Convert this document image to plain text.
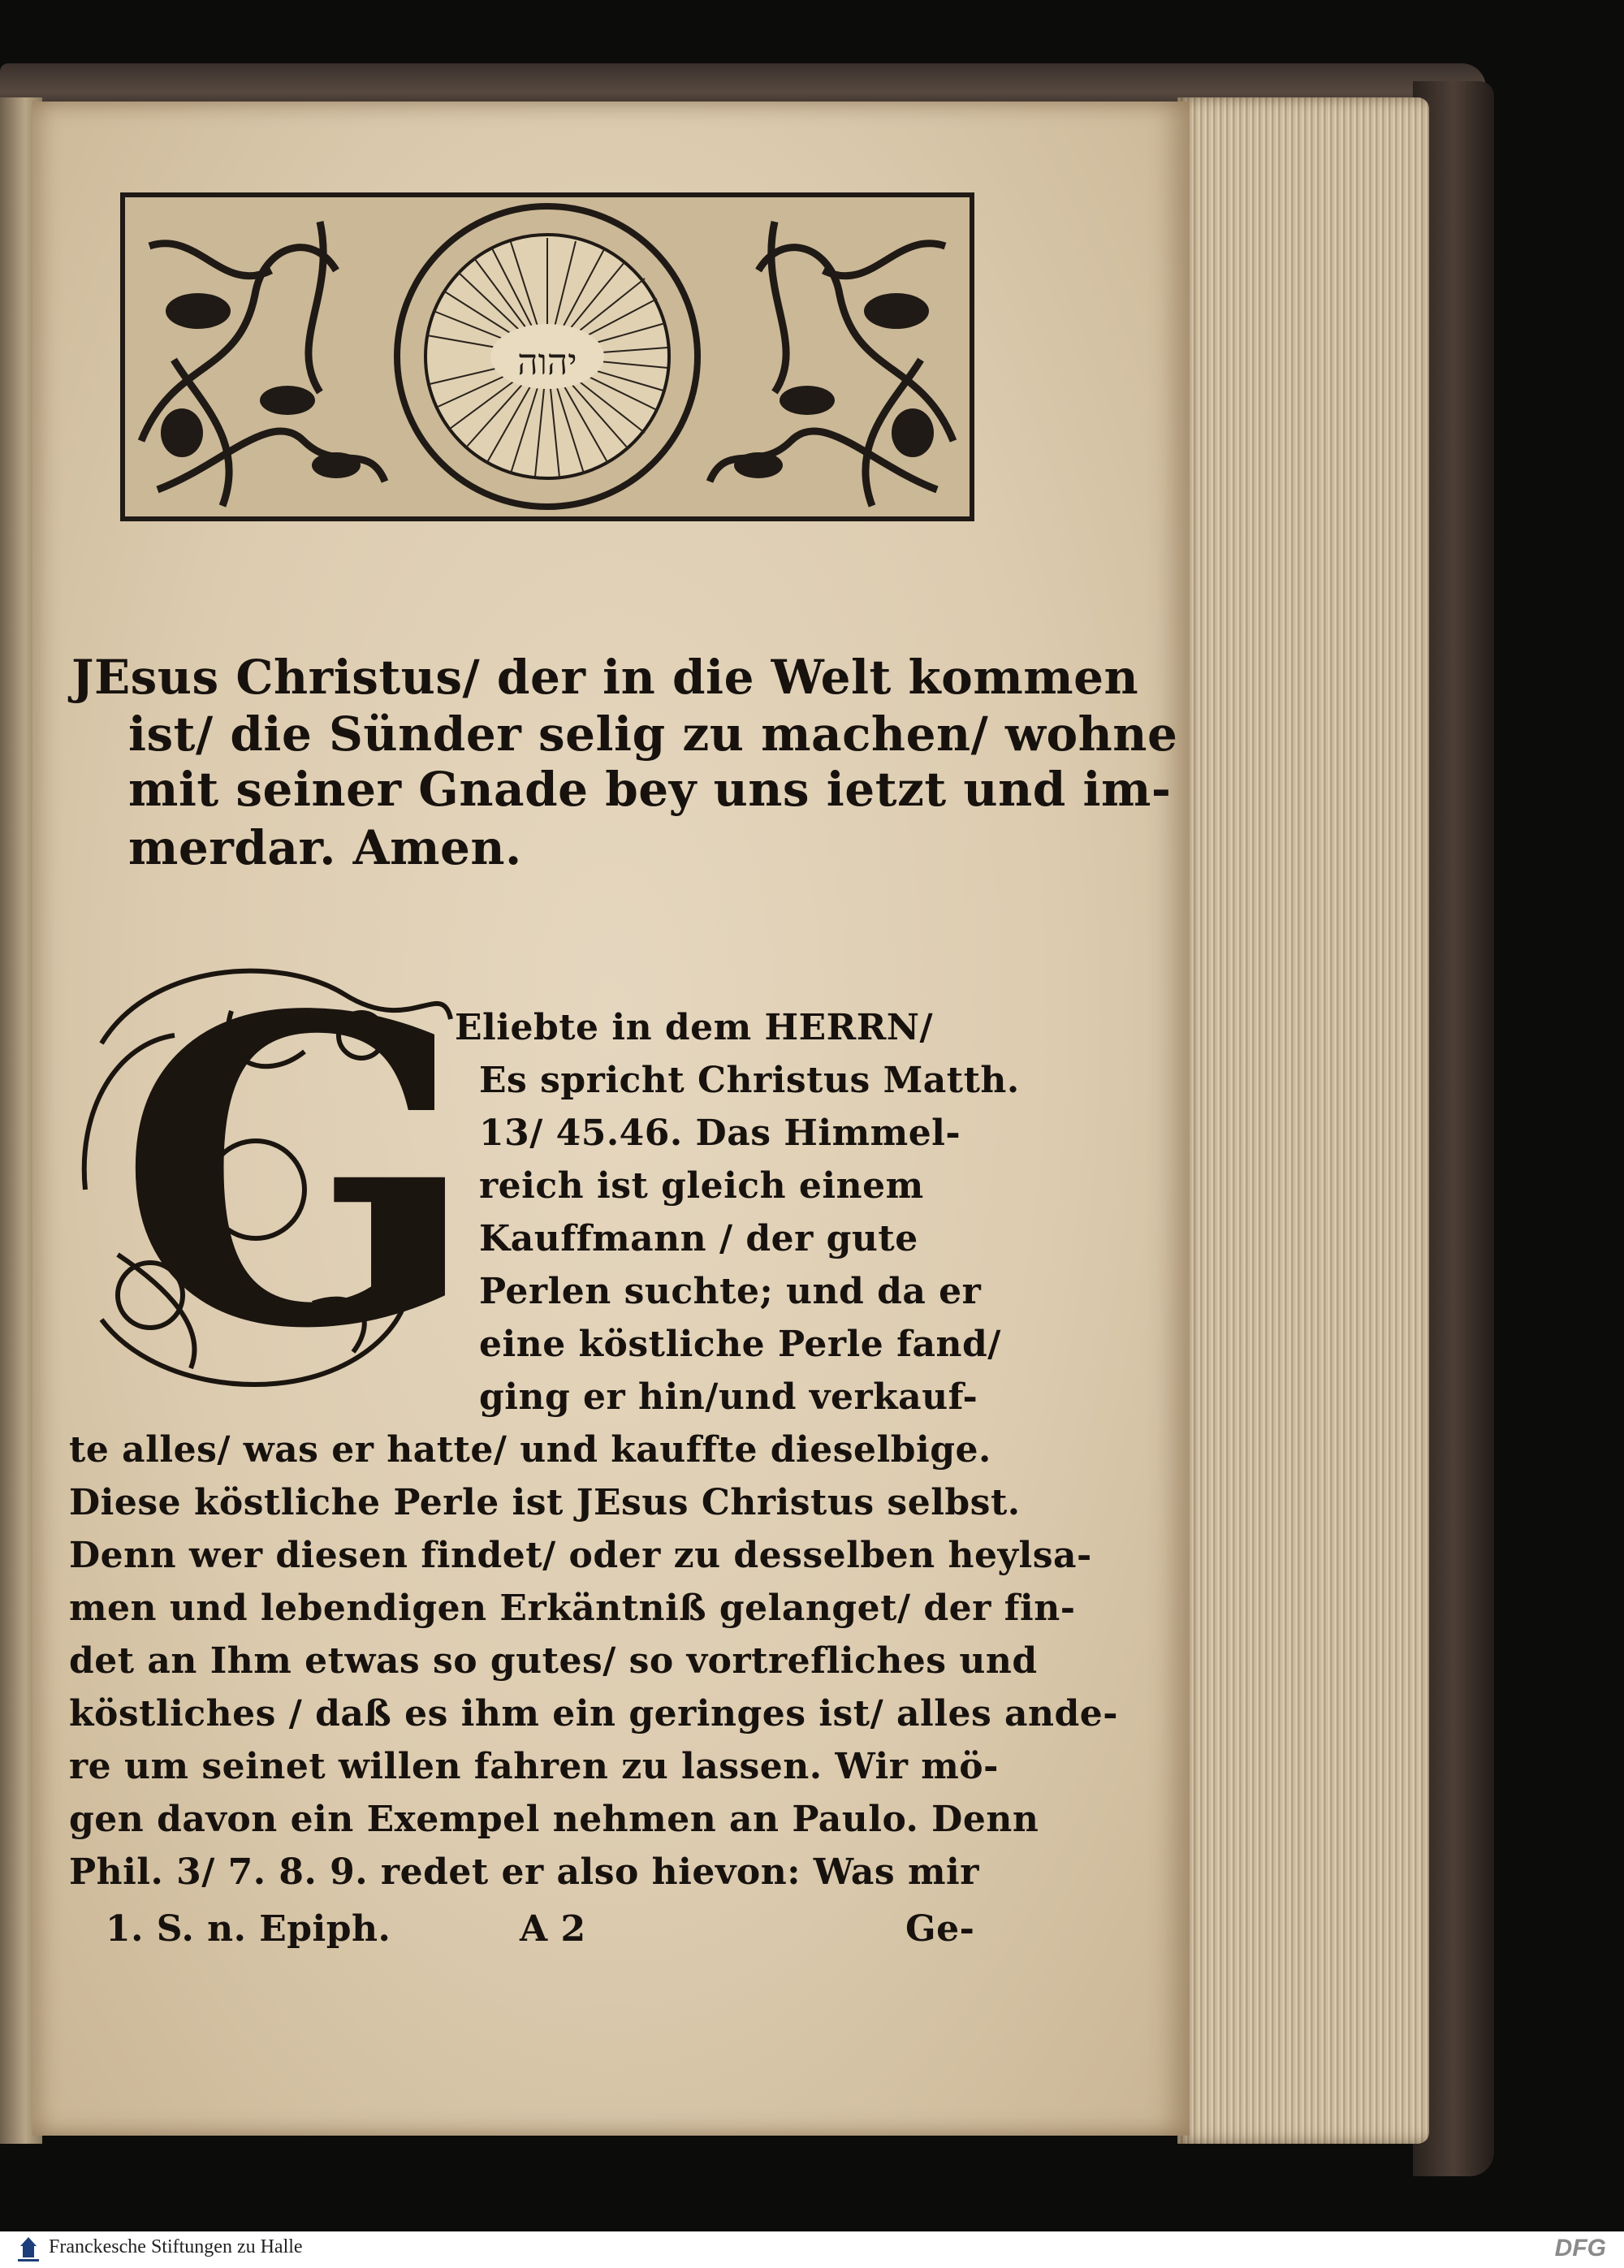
יהוה
JEsus Christus/ der in die Welt kommen
ist/ die Sünder selig zu machen/ wohne
mit seiner Gnade bey uns ietzt und im-
merdar. Amen.
G
Eliebte in dem HERRN/
Es spricht Christus Matth.
13/ 45.46. Das Himmel-
reich ist gleich einem
Kauffmann / der gute
Perlen suchte; und da er
eine köstliche Perle fand/
ging er hin/und verkauf-
te alles/ was er hatte/ und kauffte dieselbige.
Diese köstliche Perle ist JEsus Christus selbst.
Denn wer diesen findet/ oder zu desselben heylsa-
men und lebendigen Erkäntniß gelanget/ der fin-
det an Ihm etwas so gutes/ so vortrefliches und
köstliches / daß es ihm ein geringes ist/ alles ande-
re um seinet willen fahren zu lassen. Wir mö-
gen davon ein Exempel nehmen an Paulo. Denn
Phil. 3/ 7. 8. 9. redet er also hievon: Was mir
1. S. n. Epiph.	A 2	Ge-
Franckesche Stiftungen zu Halle	DFG
